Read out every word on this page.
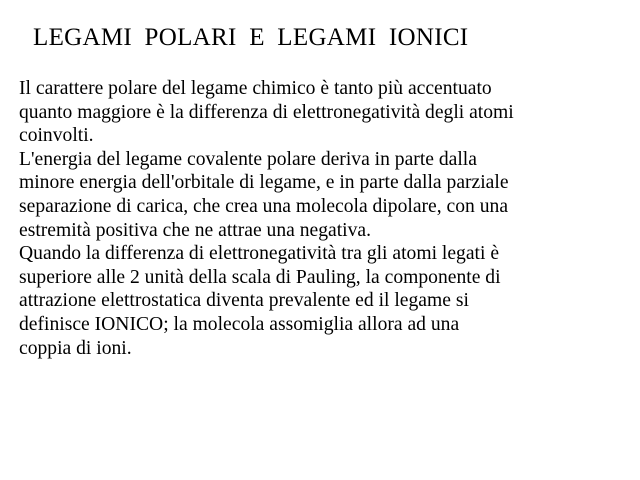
LEGAMI POLARI E LEGAMI IONICI
Il carattere polare del legame chimico è tanto più accentuato
quanto maggiore è la differenza di elettronegatività degli atomi
coinvolti.
L'energia del legame covalente polare deriva in parte dalla
minore energia dell'orbitale di legame, e in parte dalla parziale
separazione di carica, che crea una molecola dipolare, con una
estremità positiva che ne attrae una negativa.
Quando la differenza di elettronegatività tra gli atomi legati è
superiore alle 2 unità della scala di Pauling, la componente di
attrazione elettrostatica diventa prevalente ed il legame si
definisce IONICO; la molecola assomiglia allora ad una
coppia di ioni.
